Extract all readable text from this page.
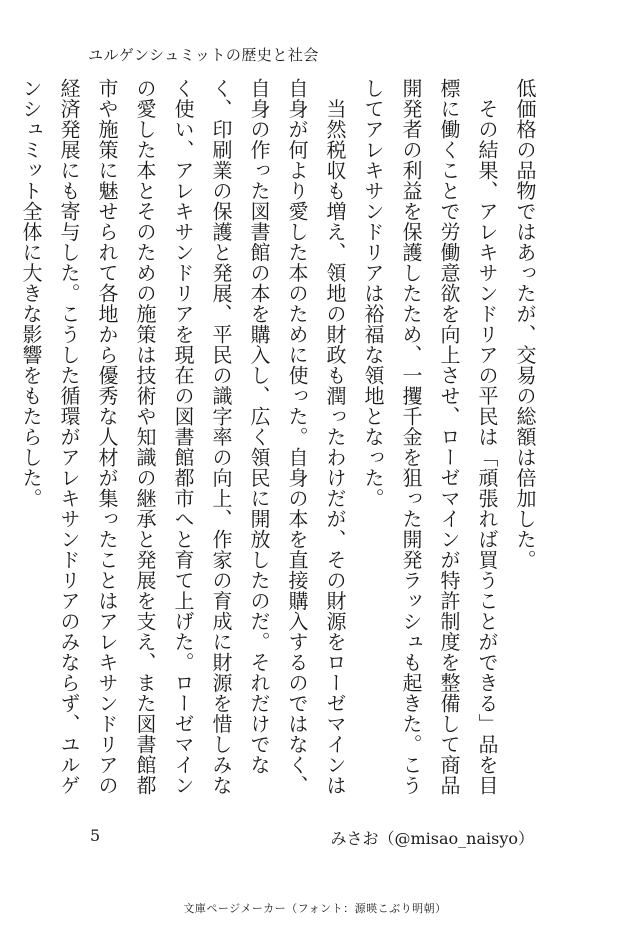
ユルゲンシュミットの歴史と社会

低価格の品物ではあったが、交易の総額は倍加した。

　その結果、アレキサンドリアの平民は「頑張れば買うことができる」品を目標に働くことで労働意欲を向上させ、ローゼマインが特許制度を整備して商品開発者の利益を保護したため、一攫千金を狙った開発ラッシュも起きた。こうしてアレキサンドリアは裕福な領地となった。

　当然税収も増え、領地の財政も潤ったわけだが、その財源をローゼマインは自身が何より愛した本のために使った。自身の本を直接購入するのではなく、自身の作った図書館の本を購入し、広く領民に開放したのだ。それだけでなく、印刷業の保護と発展、平民の識字率の向上、作家の育成に財源を惜しみなく使い、アレキサンドリアを現在の図書館都市へと育て上げた。ローゼマインの愛した本とそのための施策は技術や知識の継承と発展を支え、また図書館都市や施策に魅せられて各地から優秀な人材が集ったことはアレキサンドリアの経済発展にも寄与した。こうした循環がアレキサンドリアのみならず、ユルゲンシュミット全体に大きな影響をもたらした。

5	みさお（@misao_naisyo）
文庫ページメーカー（フォント：源暎こぶり明朝）
